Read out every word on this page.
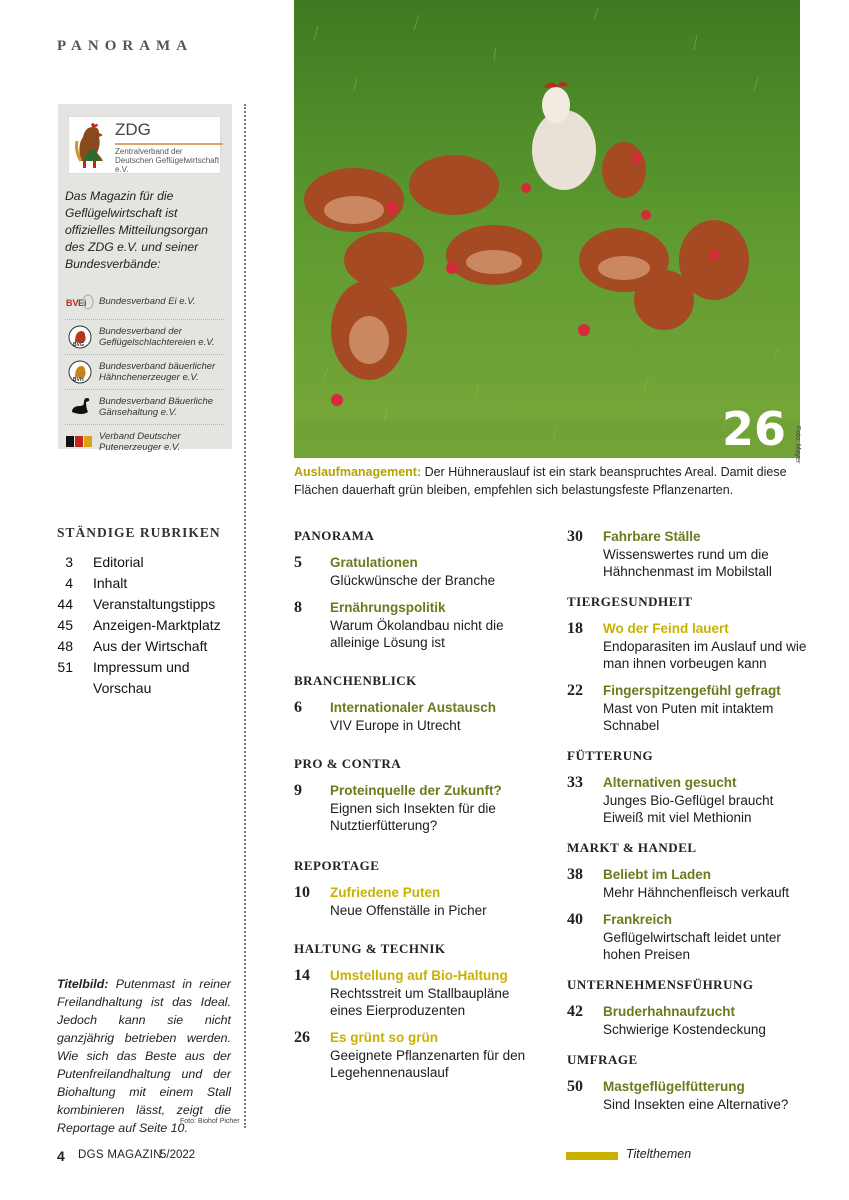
PANORAMA
ZDG
Zentralverband der Deutschen Geflügelwirtschaft e.V.
Das Magazin für die Geflügelwirtschaft ist offizielles Mitteilungsorgan des ZDG e.V. und seiner Bundesverbände:
BV Ei	Bundesverband Ei e.V.
BVG
Bundesverband der Geflügelschlachtereien e.V.
BVH
Bundesverband bäuerlicher Hähnchenerzeuger e.V.
Bundesverband Bäuerliche Gänsehaltung e.V.
Verband Deutscher Putenerzeuger e.V.	26 Foto: Mayer
Auslaufmanagement: Der Hühnerauslauf ist ein stark beanspruchtes Areal. Damit diese Flächen dauerhaft grün bleiben, empfehlen sich belastungsfeste Pflanzenarten.
STÄNDIGE RUBRIKEN
3	Editorial
4	Inhalt
44	Veranstaltungstipps
45	Anzeigen-Marktplatz
48	Aus der Wirtschaft
51	Impressum und Vorschau
Titelbild: Putenmast in reiner Freilandhaltung ist das Ideal. Jedoch kann sie nicht ganzjährig betrieben werden. Wie sich das Beste aus der Putenfreilandhaltung und der Biohaltung mit einem Stall kombinieren lässt, zeigt die Reportage auf Seite 10.
Foto: Biohof Picher
PANORAMA
5	Gratulationen
Glückwünsche der Branche
8	Ernährungspolitik
Warum Ökolandbau nicht die alleinige Lösung ist
BRANCHENBLICK
6	Internationaler Austausch
VIV Europe in Utrecht
PRO & CONTRA
9	Proteinquelle der Zukunft?
Eignen sich Insekten für die Nutztierfütterung?
REPORTAGE
10	Zufriedene Puten
Neue Offenställe in Picher
HALTUNG & TECHNIK
14	Umstellung auf Bio-Haltung
Rechtsstreit um Stallbaupläne eines Eierproduzenten
26	Es grünt so grün
Geeignete Pflanzenarten für den Legehennenauslauf
30	Fahrbare Ställe
Wissenswertes rund um die Hähnchenmast im Mobilstall
TIERGESUNDHEIT
18	Wo der Feind lauert
Endoparasiten im Auslauf und wie man ihnen vorbeugen kann
22	Fingerspitzengefühl gefragt
Mast von Puten mit intaktem Schnabel
FÜTTERUNG
33	Alternativen gesucht
Junges Bio-Geflügel braucht Eiweiß mit viel Methionin
MARKT & HANDEL
38	Beliebt im Laden
Mehr Hähnchenfleisch verkauft
40	Frankreich
Geflügelwirtschaft leidet unter hohen Preisen
UNTERNEHMENSFÜHRUNG
42	Bruderhahnaufzucht
Schwierige Kostendeckung
UMFRAGE
50	Mastgeflügelfütterung
Sind Insekten eine Alternative?
4 DGS MAGAZIN
5/2022	Titelthemen
